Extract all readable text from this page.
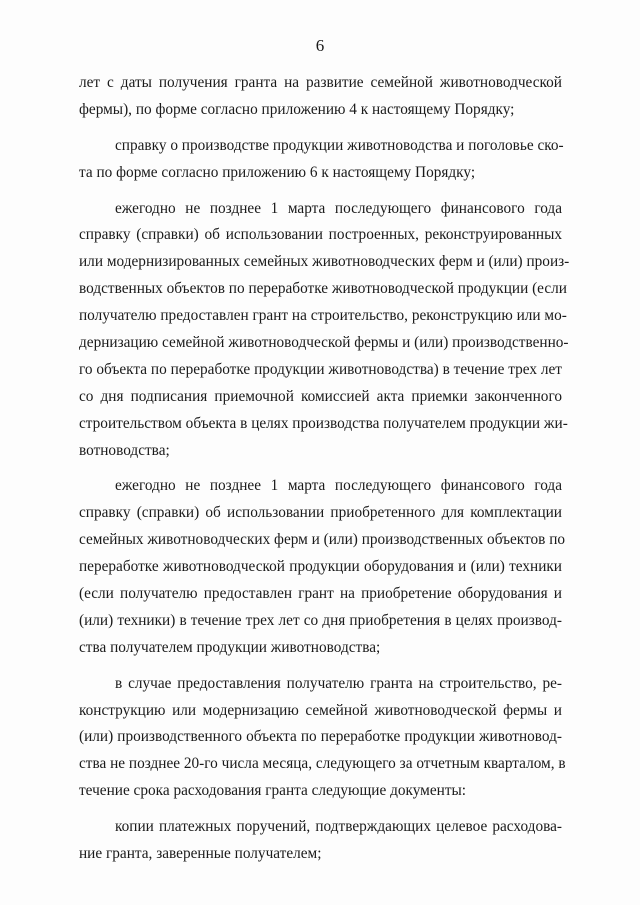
6
лет с даты получения гранта на развитие семейной животноводческой
фермы), по форме согласно приложению 4 к настоящему Порядку;
справку о производстве продукции животноводства и поголовье ско-
та по форме согласно приложению 6 к настоящему Порядку;
ежегодно не позднее 1 марта последующего финансового года
справку (справки) об использовании построенных, реконструированных
или модернизированных семейных животноводческих ферм и (или) произ-
водственных объектов по переработке животноводческой продукции (если
получателю предоставлен грант на строительство, реконструкцию или мо-
дернизацию семейной животноводческой фермы и (или) производственно-
го объекта по переработке продукции животноводства) в течение трех лет
со дня подписания приемочной комиссией акта приемки законченного
строительством объекта в целях производства получателем продукции жи-
вотноводства;
ежегодно не позднее 1 марта последующего финансового года
справку (справки) об использовании приобретенного для комплектации
семейных животноводческих ферм и (или) производственных объектов по
переработке животноводческой продукции оборудования и (или) техники
(если получателю предоставлен грант на приобретение оборудования и
(или) техники) в течение трех лет со дня приобретения в целях производ-
ства получателем продукции животноводства;
в случае предоставления получателю гранта на строительство, ре-
конструкцию или модернизацию семейной животноводческой фермы и
(или) производственного объекта по переработке продукции животновод-
ства не позднее 20-го числа месяца, следующего за отчетным кварталом, в
течение срока расходования гранта следующие документы:
копии платежных поручений, подтверждающих целевое расходова-
ние гранта, заверенные получателем;
